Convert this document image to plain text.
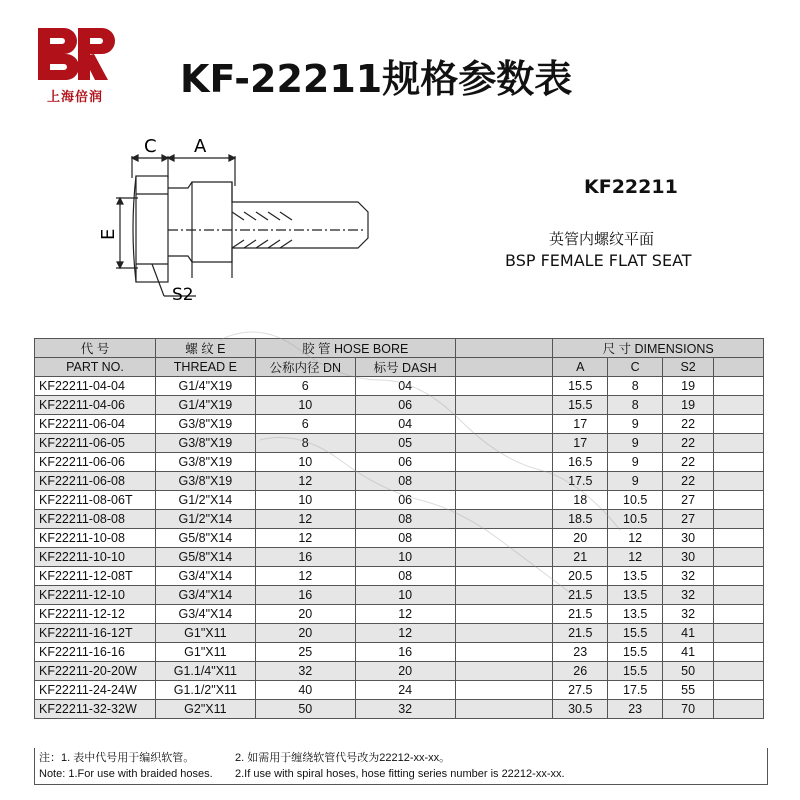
上海倍润	KF-22211规格参数表
C A
E
S2
KF22211
英管内螺纹平面
BSP FEMALE FLAT SEAT
代 号	螺 纹 E	胶 管 HOSE BORE			尺 寸 DIMENSIONS			
PART NO.	THREAD E	公称内径 DN	标号 DASH		A	C	S2	
KF22211-04-04	G1/4"X19	6	04		15.5	8	19	
KF22211-04-06	G1/4"X19	10	06		15.5	8	19	
KF22211-06-04	G3/8"X19	6	04		17	9	22	
KF22211-06-05	G3/8"X19	8	05		17	9	22	
KF22211-06-06	G3/8"X19	10	06		16.5	9	22	
KF22211-06-08	G3/8"X19	12	08		17.5	9	22	
KF22211-08-06T	G1/2"X14	10	06		18	10.5	27	
KF22211-08-08	G1/2"X14	12	08		18.5	10.5	27	
KF22211-10-08	G5/8"X14	12	08		20	12	30	
KF22211-10-10	G5/8"X14	16	10		21	12	30	
KF22211-12-08T	G3/4"X14	12	08		20.5	13.5	32	
KF22211-12-10	G3/4"X14	16	10		21.5	13.5	32	
KF22211-12-12	G3/4"X14	20	12		21.5	13.5	32	
KF22211-16-12T	G1"X11	20	12		21.5	15.5	41	
KF22211-16-16	G1"X11	25	16		23	15.5	41	
KF22211-20-20W	G1.1/4"X11	32	20		26	15.5	50	
KF22211-24-24W	G1.1/2"X11	40	24		27.5	17.5	55	
KF22211-32-32W	G2"X11	50	32		30.5	23	70	
注：1. 表中代号用于编织软管。	2. 如需用于缠绕软管代号改为22212-xx-xx。
Note: 1.For use with braided hoses. 2.If use with spiral hoses, hose fitting series number is 22212-xx-xx.
